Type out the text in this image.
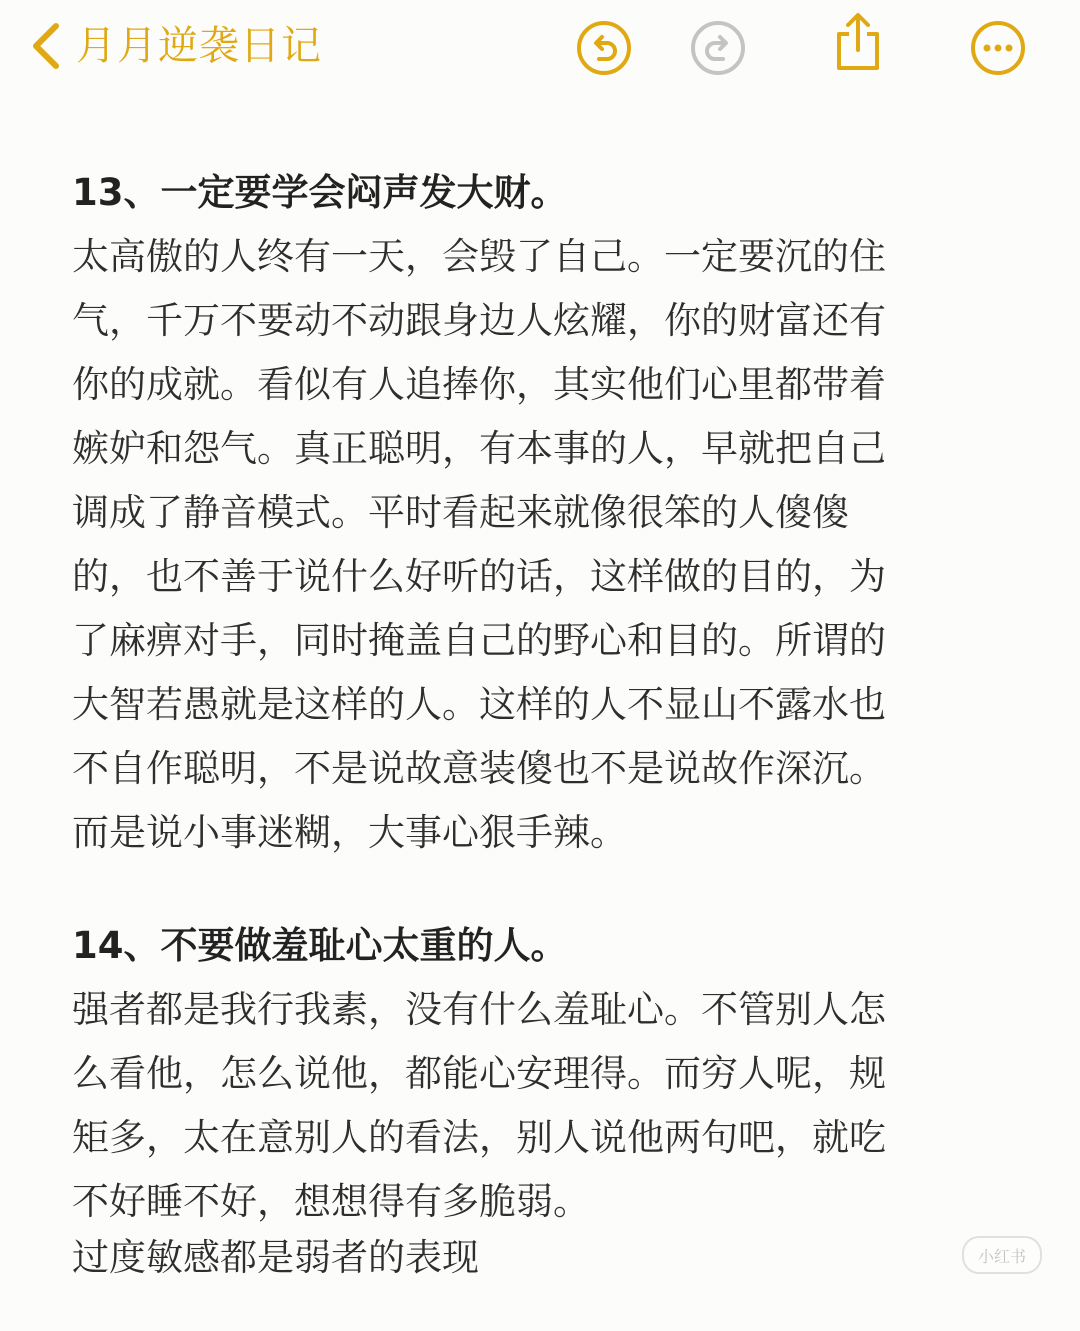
月月逆袭日记
13、一定要学会闷声发大财。
太高傲的人终有一天，会毁了自己。一定要沉的住
气，千万不要动不动跟身边人炫耀，你的财富还有
你的成就。看似有人追捧你，其实他们心里都带着
嫉妒和怨气。真正聪明，有本事的人，早就把自己
调成了静音模式。平时看起来就像很笨的人傻傻
的，也不善于说什么好听的话，这样做的目的，为
了麻痹对手，同时掩盖自己的野心和目的。所谓的
大智若愚就是这样的人。这样的人不显山不露水也
不自作聪明，不是说故意装傻也不是说故作深沉。
而是说小事迷糊，大事心狠手辣。
14、不要做羞耻心太重的人。
强者都是我行我素，没有什么羞耻心。不管别人怎
么看他，怎么说他，都能心安理得。而穷人呢，规
矩多，太在意别人的看法，别人说他两句吧，就吃
不好睡不好，想想得有多脆弱。
过度敏感都是弱者的表现	小红书
